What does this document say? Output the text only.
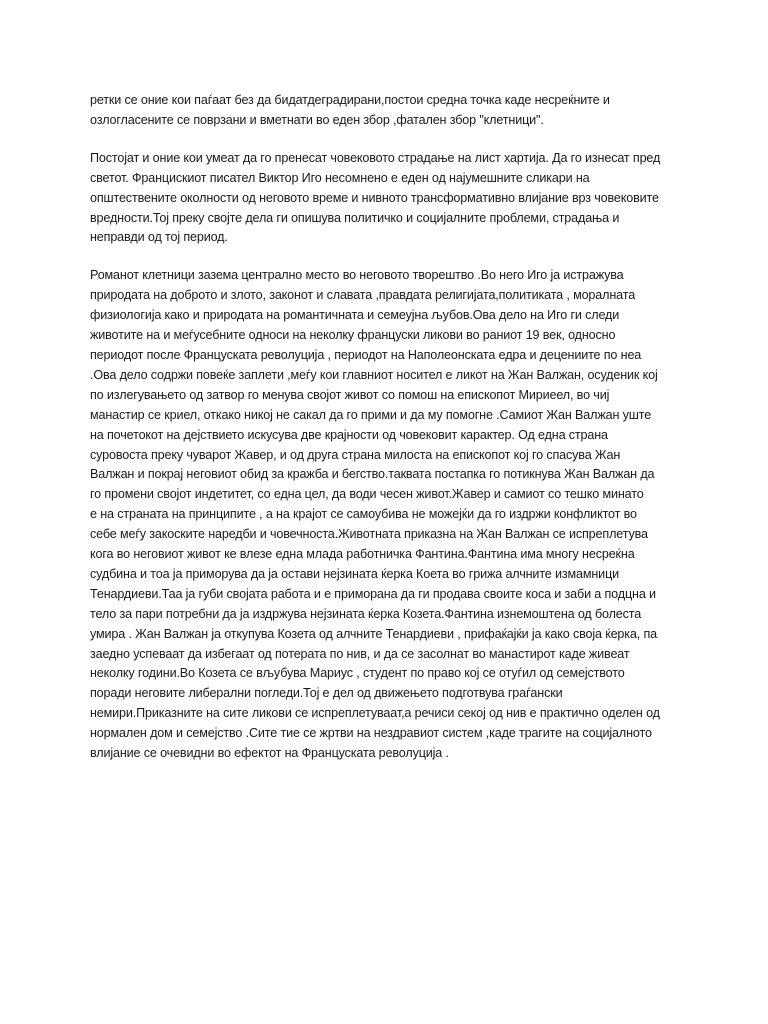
ретки се оние кои паѓаат без да бидатдеградирани,постои средна точка каде несреќните и
озлогласените се поврзани и вметнати во еден збор ,фатален збор "клетници".

Постојат и оние кои умеат да го пренесат човековото страдање на лист хартија. Да го изнесат пред
светот. Францискиот писател Виктор Иго несомнено е еден од најумешните сликари на
општествените околности од неговото време и нивното трансформативно влијание врз човековите
вредности.Тој преку својте дела ги опишува политичко и социјалните проблеми, страдања и
неправди од тој период.

Романот клетници зазема централно место во неговото творештво .Во него Иго ја истражува
природата на доброто и злото, законот и славата ,правдата религијата,политиката , моралната
физиологија како и природата на романтичната и семеуjна љубов.Ова дело на Иго ги следи
животите на и меѓусебните односи на неколку француски ликови во раниот 19 век, односно
периодот после Француската револуција , периодот на Наполеонската едра и децениите по неа
.Ова дело содржи повеќе заплети ,меѓу кои главниот носител е ликот на Жан Валжан, осуденик кој
по излегувањето од затвор го менува својот живот со помош на епископот Мириеел, во чиј
манастир се криел, откако никој не сакал да го прими и да му помогне .Самиот Жан Валжан уште
на почетокот на дејствието искусува две крајности од човековит карактер. Од една страна
суровоста преку чуварот Жавер, и од друга страна милоста на епископот кој го спасува Жан
Валжан и покрај неговиот обид за кражба и бегство.таквата постапка го потикнува Жан Валжан да
го промени својот индетитет, со една цел, да води чесен живот.Жавер и самиот со тешко минато
е на страната на принципите , а на крајот се самоубива не можејќи да го издржи конфликтот во
себе меѓу закоските наредби и човечноста.Животната приказна на Жан Валжан се испреплетува
кога во неговиот живот ке влезе една млада работничка Фантина.Фантина има многу несреќна
судбина и тоа ја приморува да ја остави нејзината ќерка Коета во грижа алчните измамници
Тенардиеви.Таа ја губи својата работа и е приморана да ги продава своите коса и заби а подцна и
тело за пари потребни да ја издржува нејзината ќерка Козета.Фантина изнемоштена од болеста
умира . Жан Валжан ја откупува Козета од алчните Тенардиеви , прифаќајќи ја како своја ќерка, па
заедно успеваат да избегаат од потерата по нив, и да се засолнат во манастирот каде живеат
неколку години.Во Козета се вљубува Мариус , студент по право кој се отуѓил од семејството
поради неговите либерални погледи.Тој е дел од движењето подготвува граѓански
немири.Приказните на сите ликови се испреплетуваат,а речиси секој од нив е практично оделен од
нормален дом и семејство .Сите тие се жртви на нездравиот систем ,каде трагите на социјалното
влијание се очевидни во ефектот на Француската револуција .
